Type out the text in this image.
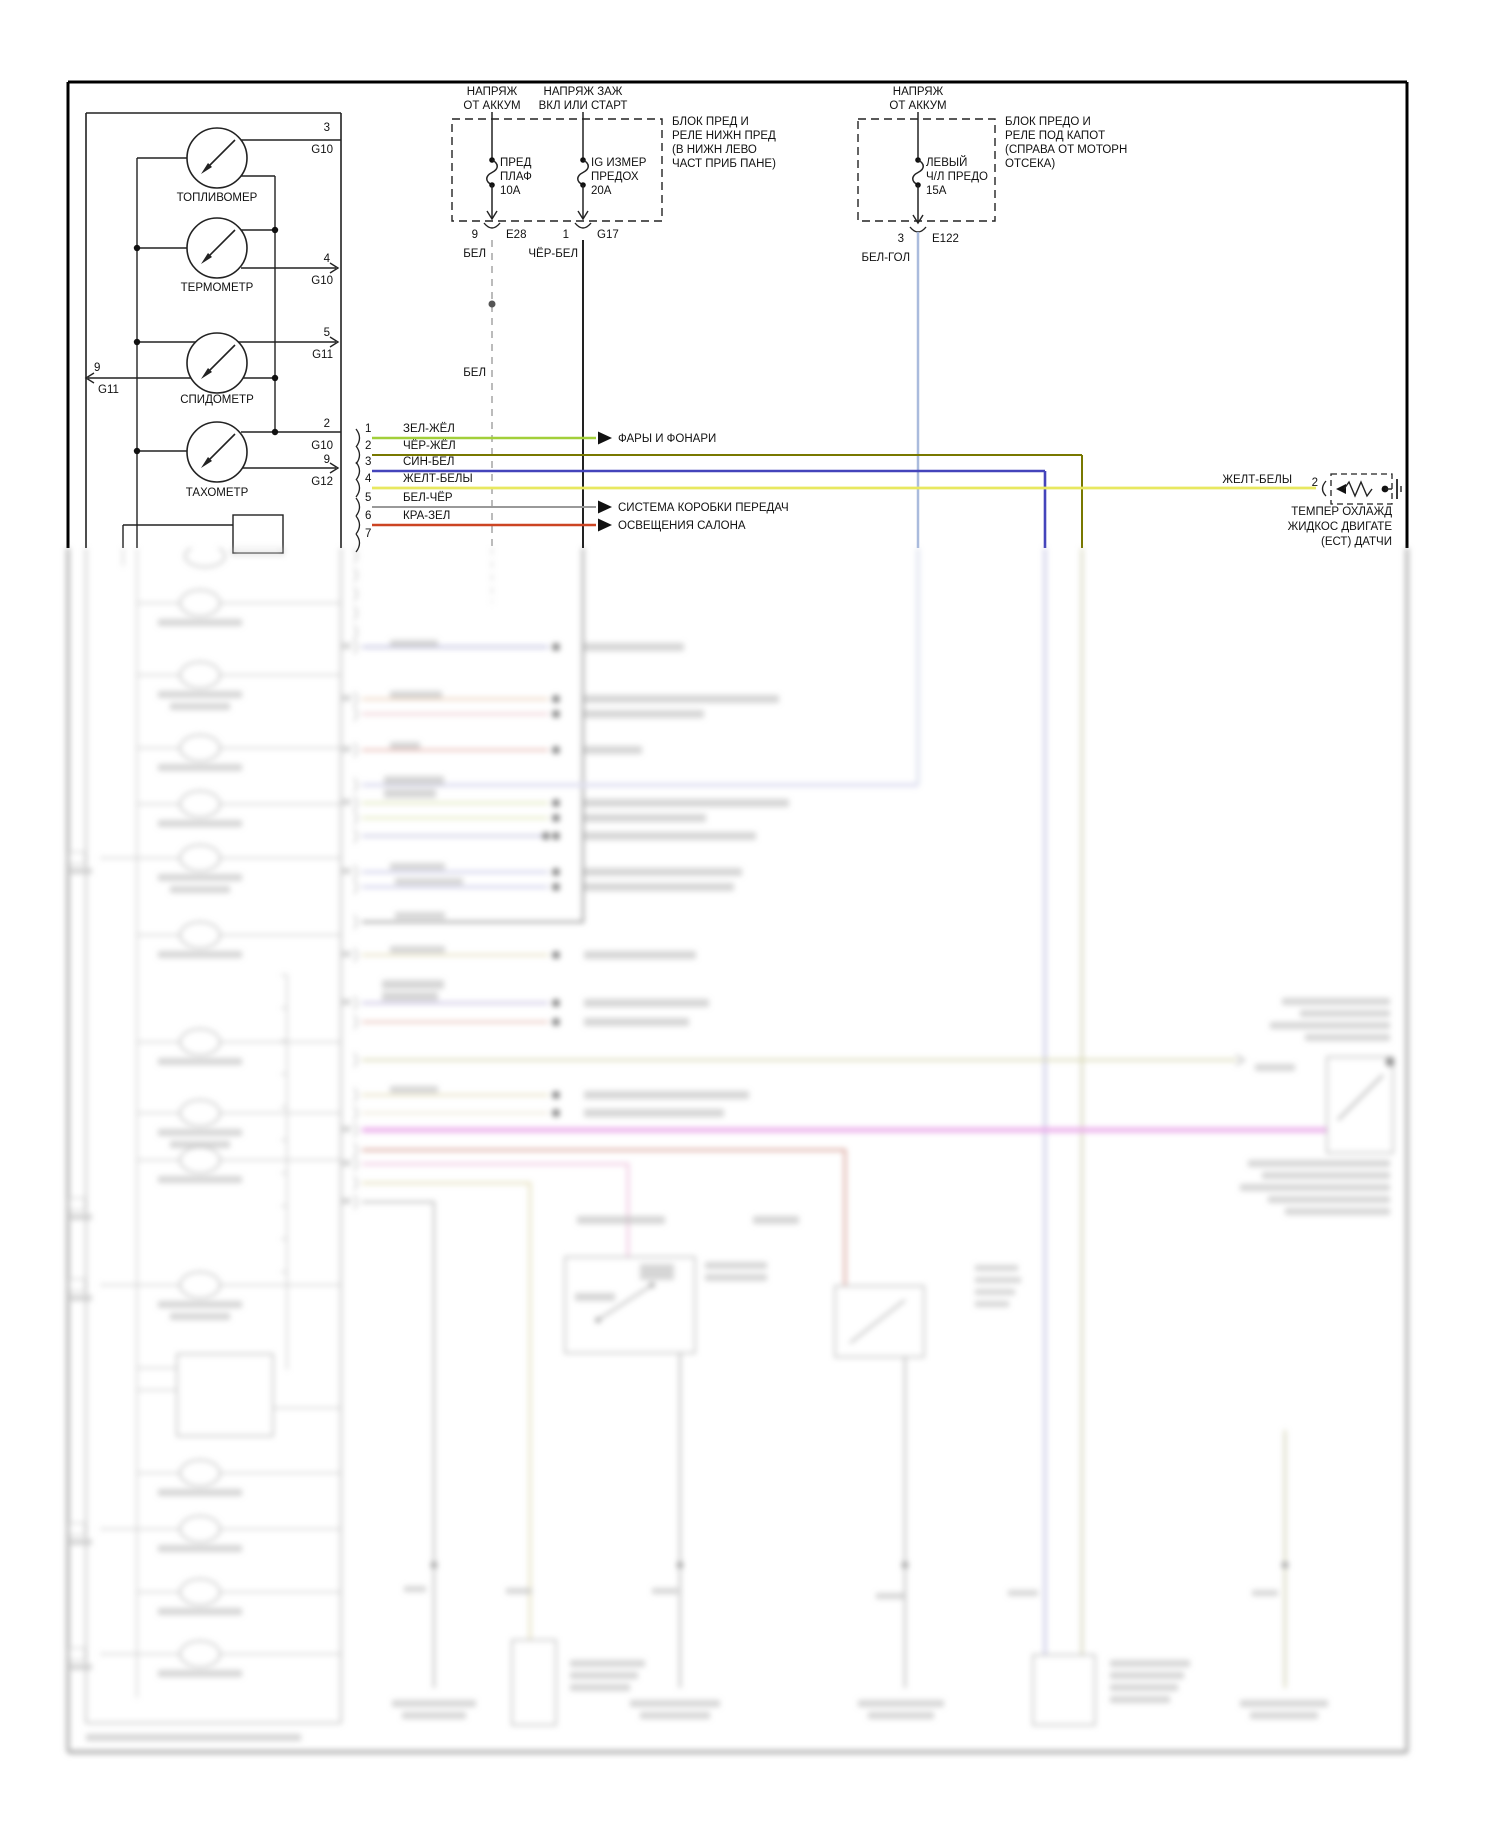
ТОПЛИВОМЕР
3
G10
ТЕРМОМЕТР
4
G10
СПИДОМЕТР
5
G11
9
G11
ТАХОМЕТР
2
G10
9
G12
НАПРЯЖ
ОТ АККУМ
НАПРЯЖ ЗАЖ
ВКЛ ИЛИ СТАРТ
ПРЕД
ПЛАФ
10А
9 E28
БЕЛ
БЕЛ
IG ИЗМЕР
ПРЕДОХ
20А
1 G17
ЧЁР-БЕЛ
БЛОК ПРЕД И
РЕЛЕ НИЖН ПРЕД
(В НИЖН ЛЕВО
ЧАСТ ПРИБ ПАНЕ)
НАПРЯЖ
ОТ АККУМ
ЛЕВЫЙ
Ч/Л ПРЕДО
15А
3 E122
БЕЛ-ГОЛ
БЛОК ПРЕДО И
РЕЛЕ ПОД КАПОТ
(СПРАВА ОТ МОТОРН
ОТСЕКА)
1
2
3
4
5
6
7
ЗЕЛ-ЖЁЛ
ЧЁР-ЖЁЛ
СИН-БЕЛ
ЖЕЛТ-БЕЛЫ
БЕЛ-ЧЁР
КРА-ЗЕЛ
ФАРЫ И ФОНАРИ
СИСТЕМА КОРОБКИ ПЕРЕДАЧ
ОСВЕЩЕНИЯ САЛОНА
ЖЕЛТ-БЕЛЫ 2
ТЕМПЕР ОХЛАЖД
ЖИДКОС ДВИГАТЕ
(ЕСТ) ДАТЧИ
